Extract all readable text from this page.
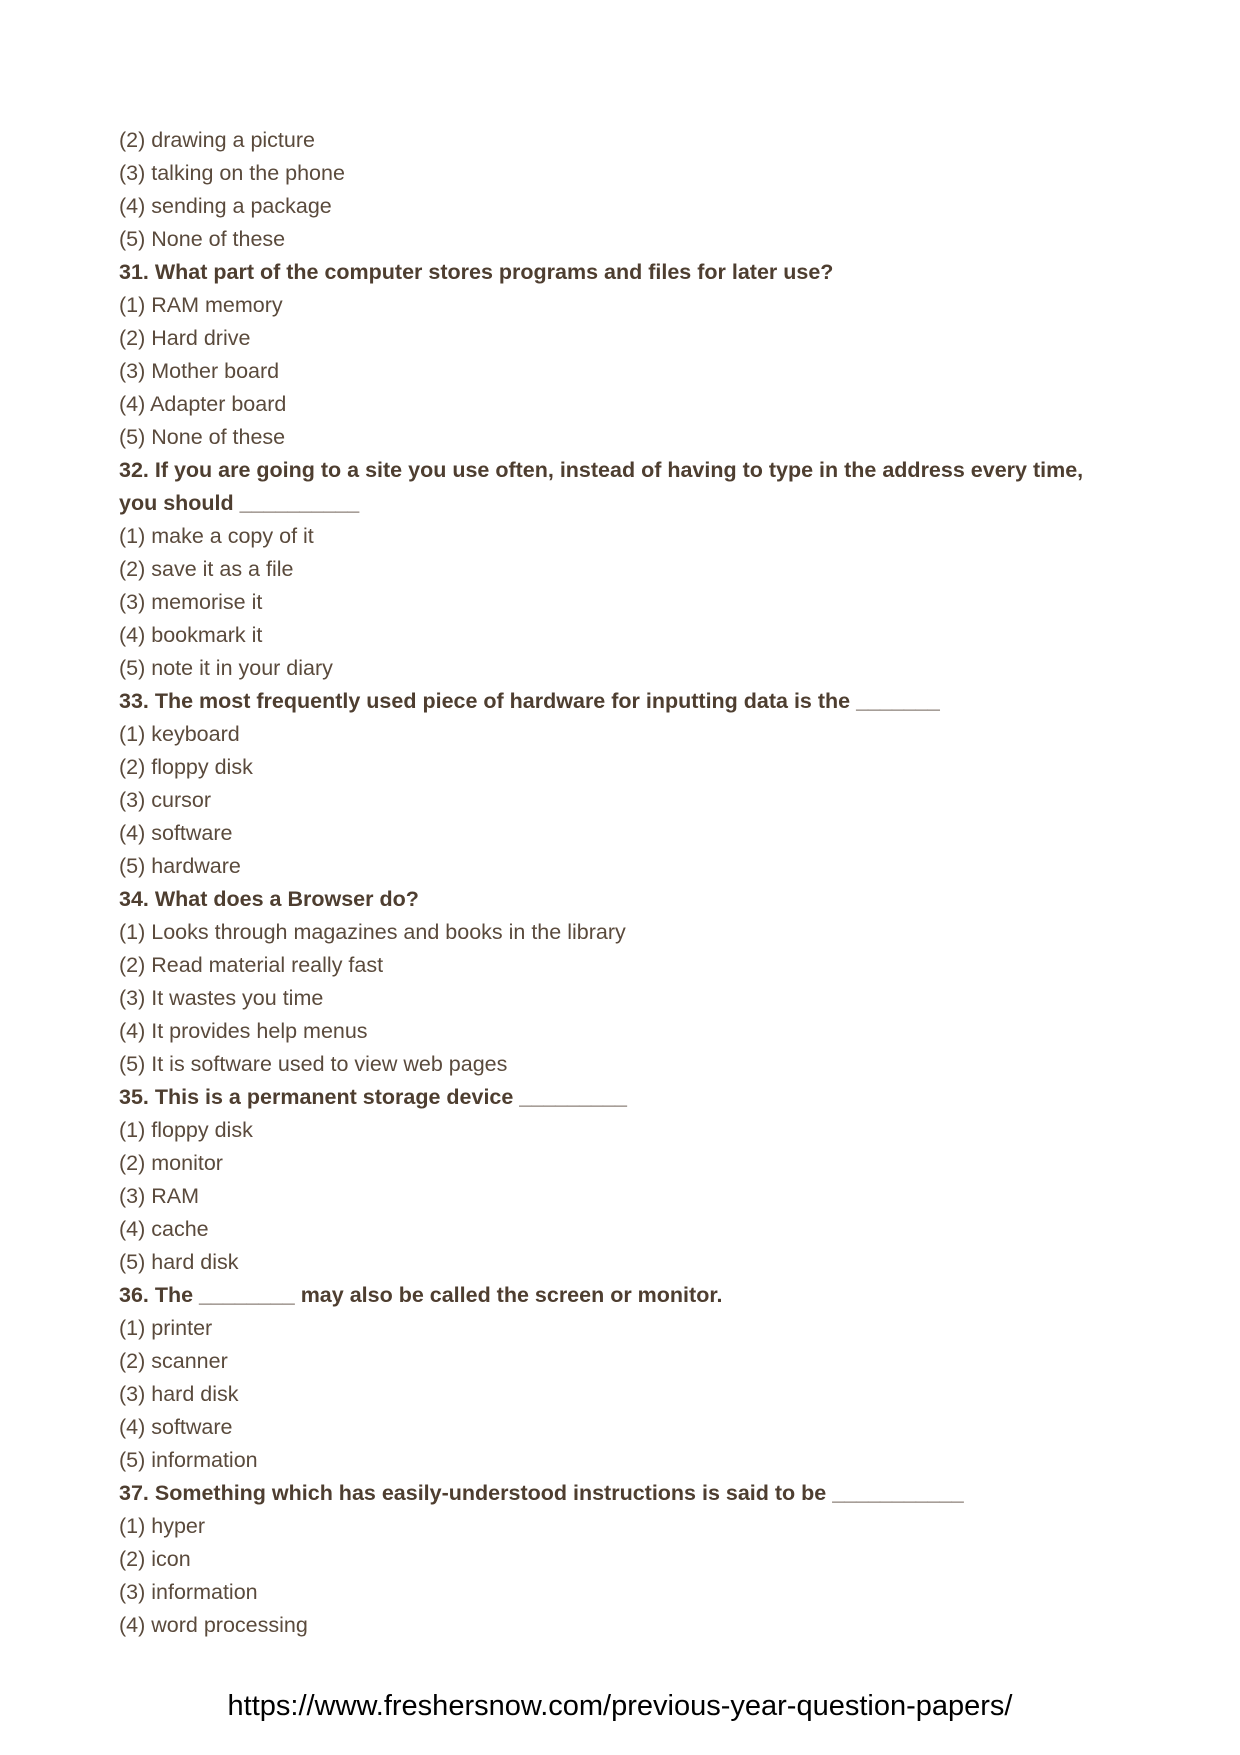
(2) drawing a picture
(3) talking on the phone
(4) sending a package
(5) None of these
31. What part of the computer stores programs and files for later use?
(1) RAM memory
(2) Hard drive
(3) Mother board
(4) Adapter board
(5) None of these
32. If you are going to a site you use often, instead of having to type in the address every time,
you should __________
(1) make a copy of it
(2) save it as a file
(3) memorise it
(4) bookmark it
(5) note it in your diary
33. The most frequently used piece of hardware for inputting data is the _______
(1) keyboard
(2) floppy disk
(3) cursor
(4) software
(5) hardware
34. What does a Browser do?
(1) Looks through magazines and books in the library
(2) Read material really fast
(3) It wastes you time
(4) It provides help menus
(5) It is software used to view web pages
35. This is a permanent storage device _________
(1) floppy disk
(2) monitor
(3) RAM
(4) cache
(5) hard disk
36. The ________ may also be called the screen or monitor.
(1) printer
(2) scanner
(3) hard disk
(4) software
(5) information
37. Something which has easily-understood instructions is said to be ___________
(1) hyper
(2) icon
(3) information
(4) word processing
https://www.freshersnow.com/previous-year-question-papers/
